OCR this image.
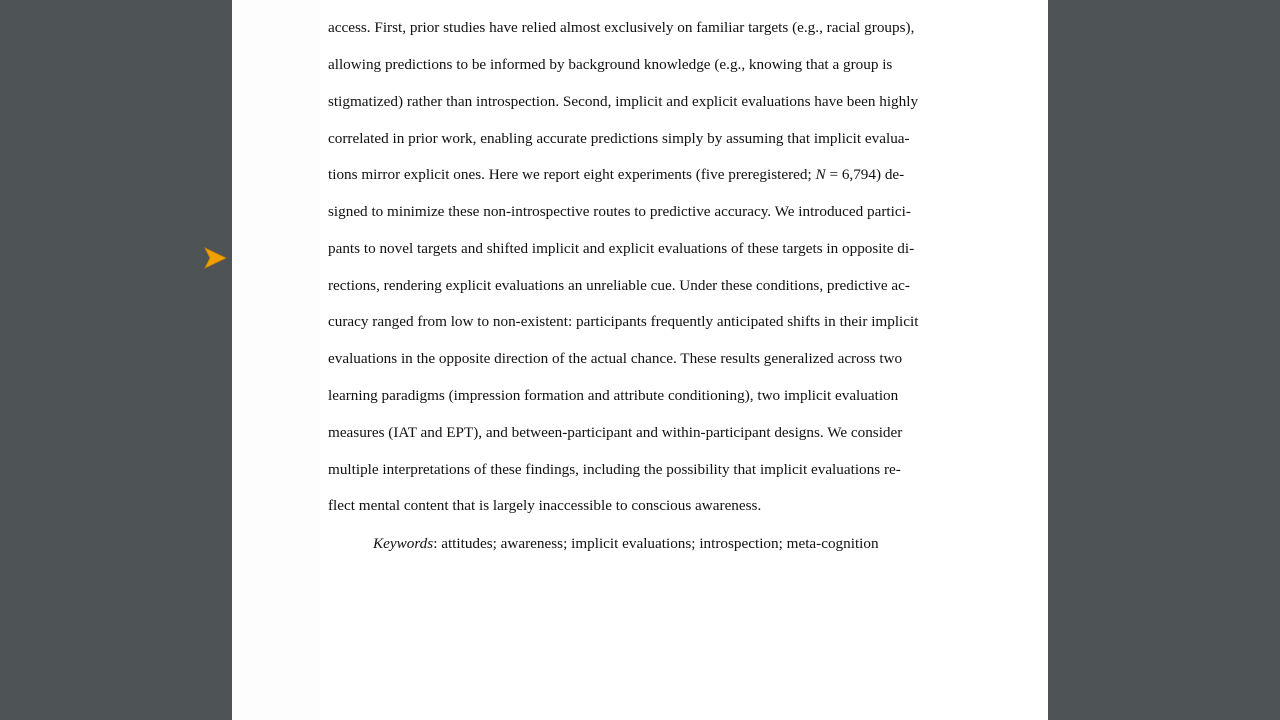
access. First, prior studies have relied almost exclusively on familiar targets (e.g., racial groups),
allowing predictions to be informed by background knowledge (e.g., knowing that a group is
stigmatized) rather than introspection. Second, implicit and explicit evaluations have been highly
correlated in prior work, enabling accurate predictions simply by assuming that implicit evalua-
tions mirror explicit ones. Here we report eight experiments (five preregistered; N = 6,794) de-
signed to minimize these non-introspective routes to predictive accuracy. We introduced partici-
pants to novel targets and shifted implicit and explicit evaluations of these targets in opposite di-
rections, rendering explicit evaluations an unreliable cue. Under these conditions, predictive ac-
curacy ranged from low to non-existent: participants frequently anticipated shifts in their implicit
evaluations in the opposite direction of the actual chance. These results generalized across two
learning paradigms (impression formation and attribute conditioning), two implicit evaluation
measures (IAT and EPT), and between-participant and within-participant designs. We consider
multiple interpretations of these findings, including the possibility that implicit evaluations re-
flect mental content that is largely inaccessible to conscious awareness.
Keywords: attitudes; awareness; implicit evaluations; introspection; meta-cognition
